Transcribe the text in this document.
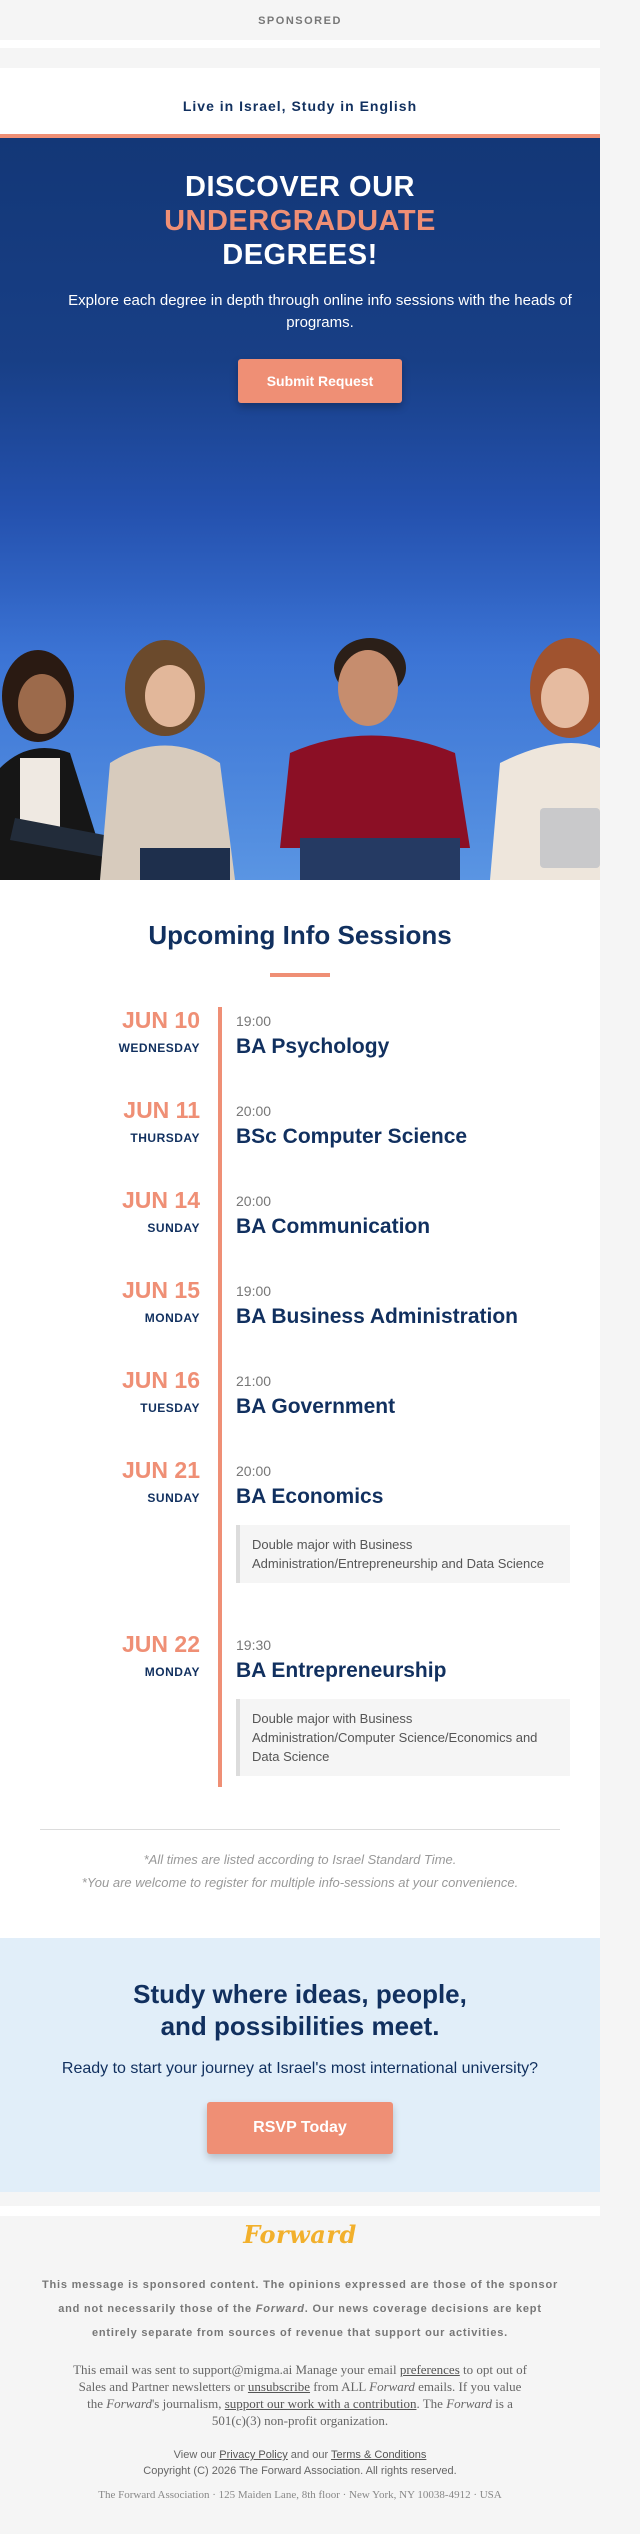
SPONSORED
Live in Israel, Study in English
DISCOVER OUR
UNDERGRADUATE
DEGREES!
Explore each degree in depth through online info sessions with the heads of programs.
Submit Request
Upcoming Info Sessions
JUN 10
WEDNESDAY
19:00
BA Psychology
JUN 11
THURSDAY
20:00
BSc Computer Science
JUN 14
SUNDAY
20:00
BA Communication
JUN 15
MONDAY
19:00
BA Business Administration
JUN 16
TUESDAY
21:00
BA Government
JUN 21
SUNDAY
20:00
BA Economics
Double major with Business Administration/Entrepreneurship and Data Science
JUN 22
MONDAY
19:30
BA Entrepreneurship
Double major with Business Administration/Computer Science/Economics and Data Science
*All times are listed according to Israel Standard Time.
*You are welcome to register for multiple info-sessions at your convenience.
Study where ideas, people,
and possibilities meet.
Ready to start your journey at Israel's most international university?
RSVP Today
Forward
This message is sponsored content. The opinions expressed are those of the sponsor and not necessarily those of the Forward. Our news coverage decisions are kept entirely separate from sources of revenue that support our activities.
This email was sent to support@migma.ai Manage your email preferences to opt out of Sales and Partner newsletters or unsubscribe from ALL Forward emails. If you value the Forward's journalism, support our work with a contribution. The Forward is a 501(c)(3) non-profit organization.
View our Privacy Policy and our Terms & Conditions
Copyright (C) 2026 The Forward Association. All rights reserved.
The Forward Association · 125 Maiden Lane, 8th floor · New York, NY 10038-4912 · USA
